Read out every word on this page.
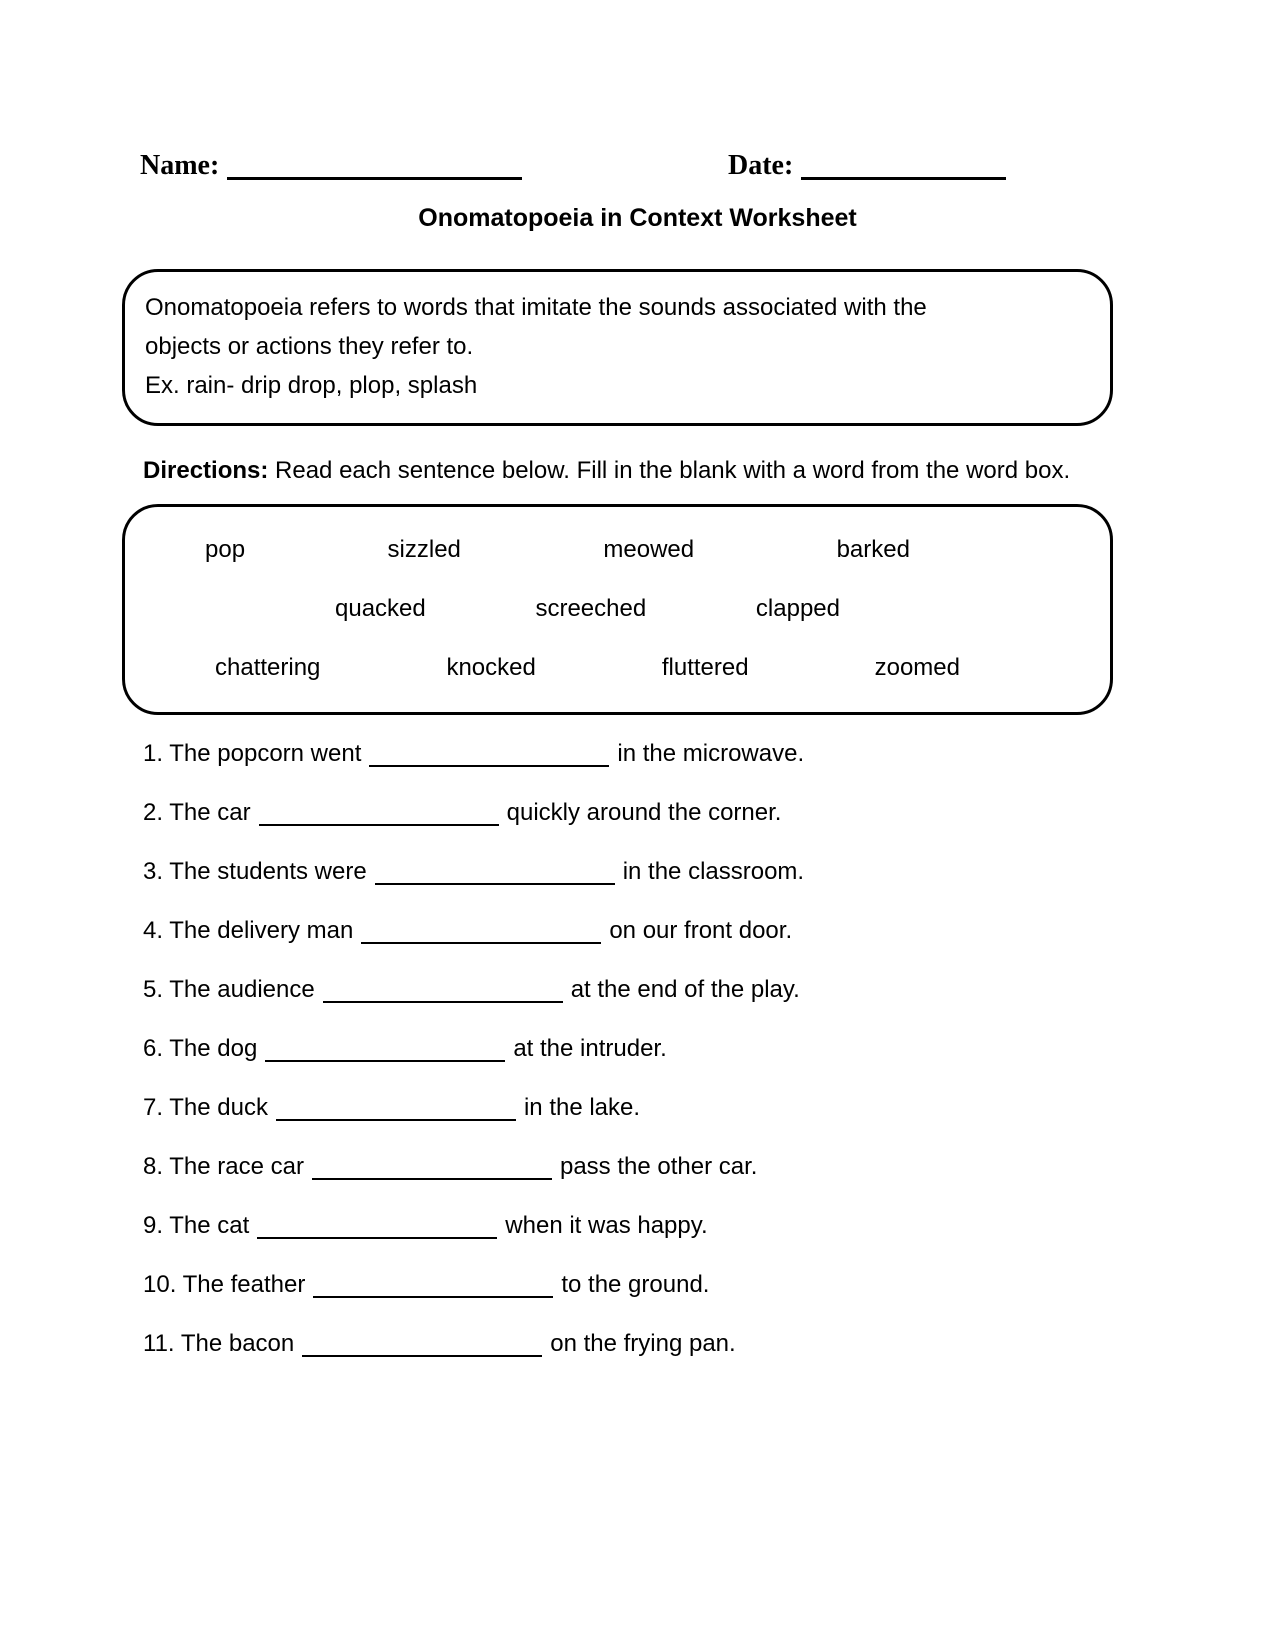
Name:	Date:
Onomatopoeia in Context Worksheet
Onomatopoeia refers to words that imitate the sounds associated with the objects or actions they refer to.
Ex. rain- drip drop, plop, splash
Directions: Read each sentence below. Fill in the blank with a word from the word box.
pop	sizzled	meowed	barked
quacked	screeched	clapped
chattering	knocked	fluttered	zoomed
1. The popcorn went	in the microwave.
2. The car	quickly around the corner.
3. The students were	in the classroom.
4. The delivery man	on our front door.
5. The audience	at the end of the play.
6. The dog	at the intruder.
7. The duck	in the lake.
8. The race car	pass the other car.
9. The cat	when it was happy.
10. The feather	to the ground.
11. The bacon	on the frying pan.
